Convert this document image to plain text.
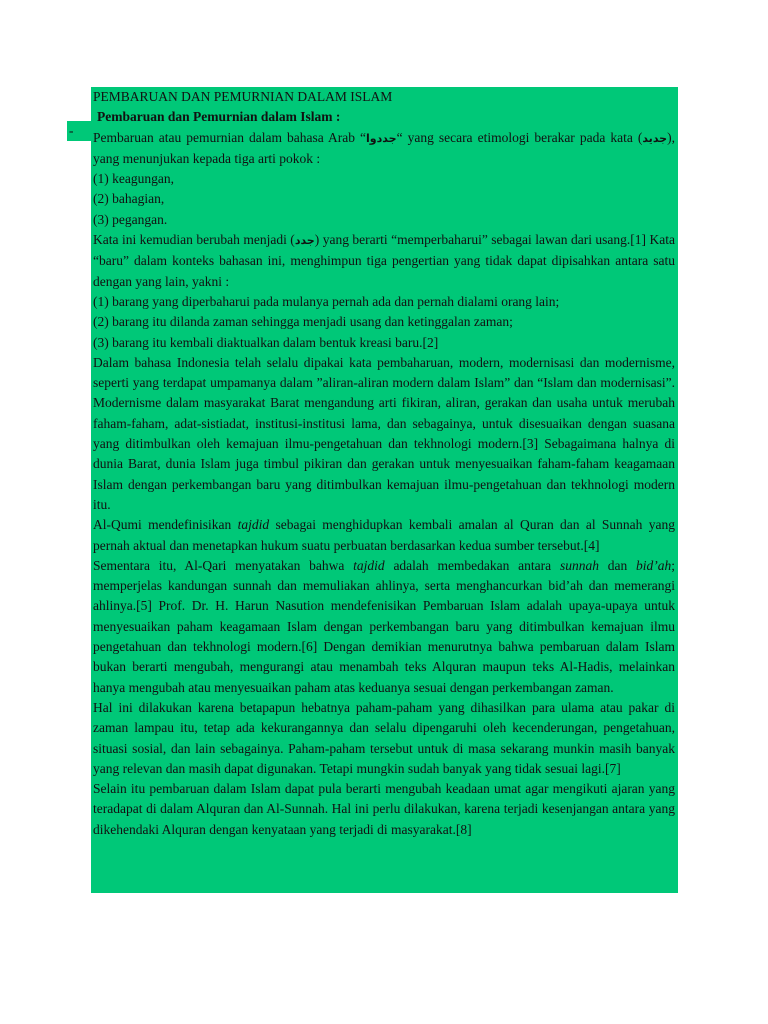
-

PEMBARUAN DAN PEMURNIAN DALAM ISLAM

Pembaruan dan Pemurnian dalam Islam :

Pembaruan atau pemurnian dalam bahasa Arab “جددوا“ yang secara etimologi berakar pada kata (جديد), yang menunjukan kepada tiga arti pokok :

(1) keagungan,

(2) bahagian,

(3) pegangan.

Kata ini kemudian berubah menjadi (جدد) yang berarti “memperbaharui” sebagai lawan dari usang.[1] Kata “baru” dalam konteks bahasan ini, menghimpun tiga pengertian yang tidak dapat dipisahkan antara satu dengan yang lain, yakni :

(1) barang yang diperbaharui pada mulanya pernah ada dan pernah dialami orang lain;

(2) barang itu dilanda zaman sehingga menjadi usang dan ketinggalan zaman;

(3) barang itu kembali diaktualkan dalam bentuk kreasi baru.[2]

Dalam bahasa Indonesia telah selalu dipakai kata pembaharuan, modern, modernisasi dan modernisme, seperti yang terdapat umpamanya dalam ”aliran-aliran modern dalam Islam” dan “Islam dan modernisasi”. Modernisme dalam masyarakat Barat mengandung arti fikiran, aliran, gerakan dan usaha untuk merubah faham-faham, adat-sistiadat, institusi-institusi lama, dan sebagainya, untuk disesuaikan dengan suasana yang ditimbulkan oleh kemajuan ilmu-pengetahuan dan tekhnologi modern.[3] Sebagaimana halnya di dunia Barat, dunia Islam juga timbul pikiran dan gerakan untuk menyesuaikan faham-faham keagamaan Islam dengan perkembangan baru yang ditimbulkan kemajuan ilmu-pengetahuan dan tekhnologi modern itu.

Al-Qumi mendefinisikan tajdid sebagai menghidupkan kembali amalan al Quran dan al Sunnah yang pernah aktual dan menetapkan hukum suatu perbuatan berdasarkan kedua sumber tersebut.[4]

Sementara itu, Al-Qari menyatakan bahwa tajdid adalah membedakan antara sunnah dan bid’ah; memperjelas kandungan sunnah dan memuliakan ahlinya, serta menghancurkan bid’ah dan memerangi ahlinya.[5] Prof. Dr. H. Harun Nasution mendefenisikan Pembaruan Islam adalah upaya-upaya untuk menyesuaikan paham keagamaan Islam dengan perkembangan baru yang ditimbulkan kemajuan ilmu pengetahuan dan tekhnologi modern.[6] Dengan demikian menurutnya bahwa pembaruan dalam Islam bukan berarti mengubah, mengurangi atau menambah teks Alquran maupun teks Al-Hadis, melainkan hanya mengubah atau menyesuaikan paham atas keduanya sesuai dengan perkembangan zaman.

Hal ini dilakukan karena betapapun hebatnya paham-paham yang dihasilkan para ulama atau pakar di zaman lampau itu, tetap ada kekurangannya dan selalu dipengaruhi oleh kecenderungan, pengetahuan, situasi sosial, dan lain sebagainya. Paham-paham tersebut untuk di masa sekarang munkin masih banyak yang relevan dan masih dapat digunakan. Tetapi mungkin sudah banyak yang tidak sesuai lagi.[7]

Selain itu pembaruan dalam Islam dapat pula berarti mengubah keadaan umat agar mengikuti ajaran yang teradapat di dalam Alquran dan Al-Sunnah. Hal ini perlu dilakukan, karena terjadi kesenjangan antara yang dikehendaki Alquran dengan kenyataan yang terjadi di masyarakat.[8]
